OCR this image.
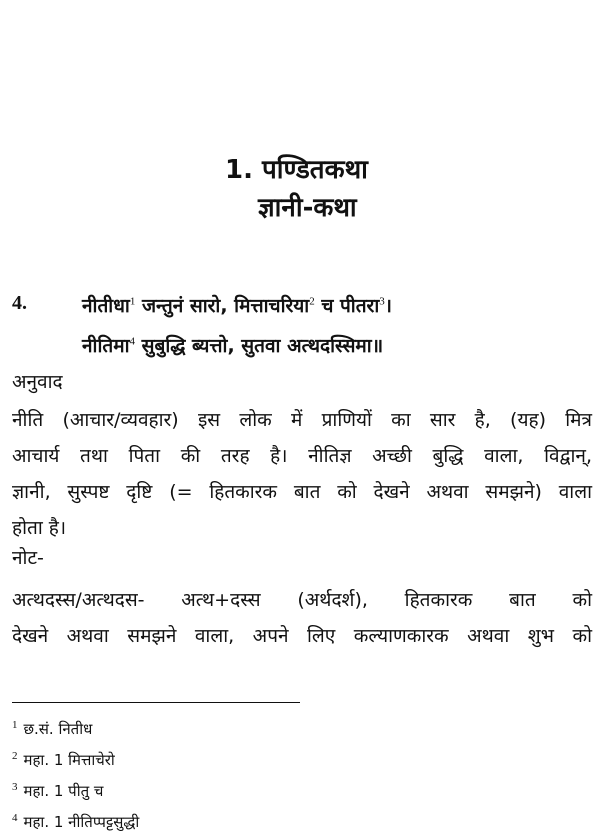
1. पण्डितकथा
ज्ञानी-कथा
4.	नीतीधा$^1$ जन्तुनं सारो, मित्ताचरिया$^2$ च पीतरा$^3$।
नीतिमा$^4$ सुबुद्धि ब्यत्तो, सुतवा अत्थदस्सिमा॥
अनुवाद
नीति (आचार/व्यवहार) इस लोक में प्राणियों का सार है, (यह) मित्र
आचार्य तथा पिता की तरह है। नीतिज्ञ अच्छी बुद्धि वाला, विद्वान्,
ज्ञानी, सुस्पष्ट दृष्टि (= हितकारक बात को देखने अथवा समझने) वाला
होता है।
नोट-
अत्थदस्स/अत्थदस- अत्थ+दस्स (अर्थदर्श), हितकारक बात को
देखने अथवा समझने वाला, अपने लिए कल्याणकारक अथवा शुभ को
$^1$ छ.सं. नितीध
$^2$ महा. 1 मित्ताचेरो
$^3$ महा. 1 पीतु च
$^4$ महा. 1 नीतिप्पट्टसुद्धी
